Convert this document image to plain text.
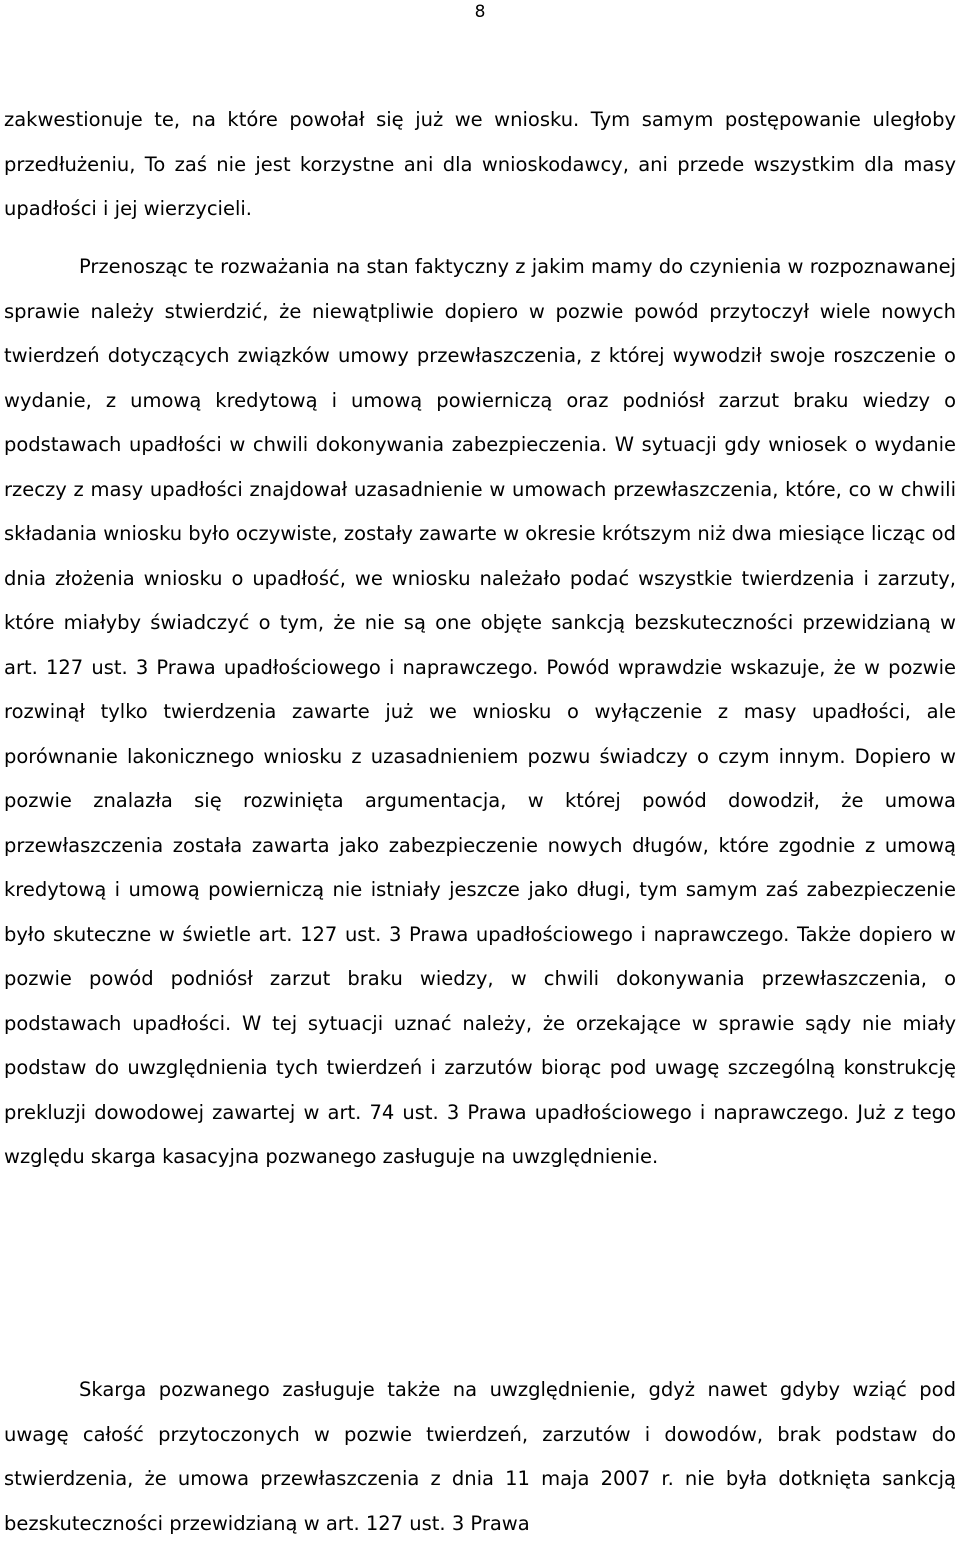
8

zakwestionuje te, na które powołał się już we wniosku. Tym samym postępowanie uległoby przedłużeniu, To zaś nie jest korzystne ani dla wnioskodawcy, ani przede wszystkim dla masy upadłości i jej wierzycieli.

Przenosząc te rozważania na stan faktyczny z jakim mamy do czynienia w rozpoznawanej sprawie należy stwierdzić, że niewątpliwie dopiero w pozwie powód przytoczył wiele nowych twierdzeń dotyczących związków umowy przewłaszczenia, z której wywodził swoje roszczenie o wydanie, z umową kredytową i umową powierniczą oraz podniósł zarzut braku wiedzy o podstawach upadłości w chwili dokonywania zabezpieczenia. W sytuacji gdy wniosek o wydanie rzeczy z masy upadłości znajdował uzasadnienie w umowach przewłaszczenia, które, co w chwili składania wniosku było oczywiste, zostały zawarte w okresie krótszym niż dwa miesiące licząc od dnia złożenia wniosku o upadłość, we wniosku należało podać wszystkie twierdzenia i zarzuty, które miałyby świadczyć o tym, że nie są one objęte sankcją bezskuteczności przewidzianą w art. 127 ust. 3 Prawa upadłościowego i naprawczego. Powód wprawdzie wskazuje, że w pozwie rozwinął tylko twierdzenia zawarte już we wniosku o wyłączenie z masy upadłości, ale porównanie lakonicznego wniosku z uzasadnieniem pozwu świadczy o czym innym. Dopiero w pozwie znalazła się rozwinięta argumentacja, w której powód dowodził, że umowa przewłaszczenia została zawarta jako zabezpieczenie nowych długów, które zgodnie z umową kredytową i umową powierniczą nie istniały jeszcze jako długi, tym samym zaś zabezpieczenie było skuteczne w świetle art. 127 ust. 3 Prawa upadłościowego i naprawczego. Także dopiero w pozwie powód podniósł zarzut braku wiedzy, w chwili dokonywania przewłaszczenia, o podstawach upadłości. W tej sytuacji uznać należy, że orzekające w sprawie sądy nie miały podstaw do uwzględnienia tych twierdzeń i zarzutów biorąc pod uwagę szczególną konstrukcję prekluzji dowodowej zawartej w art. 74 ust. 3 Prawa upadłościowego i naprawczego. Już z tego względu skarga kasacyjna pozwanego zasługuje na uwzględnienie.

Skarga pozwanego zasługuje także na uwzględnienie, gdyż nawet gdyby wziąć pod uwagę całość przytoczonych w pozwie twierdzeń, zarzutów i dowodów, brak podstaw do stwierdzenia, że umowa przewłaszczenia z dnia 11 maja 2007 r. nie była dotknięta sankcją bezskuteczności przewidzianą w art. 127 ust. 3 Prawa
